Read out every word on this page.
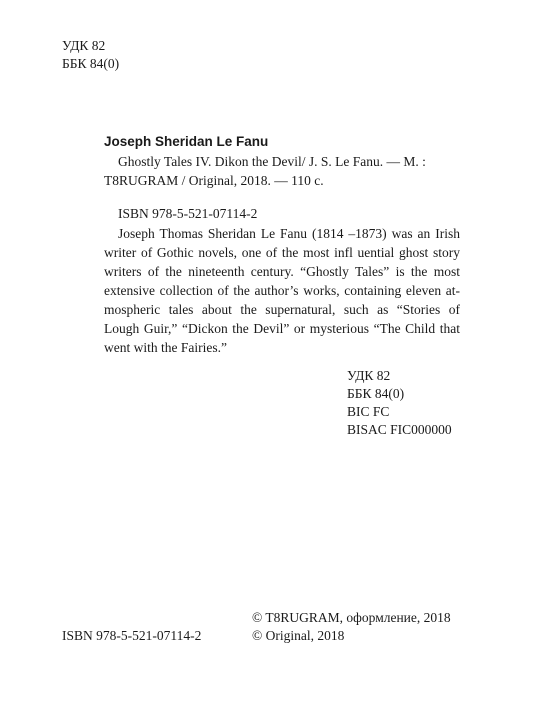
УДК 82
ББК 84(0)
Joseph Sheridan Le Fanu
Ghostly Tales IV. Dikon the Devil/ J. S. Le Fanu. — M. :
T8RUGRAM / Original, 2018. — 110 с.
ISBN 978-5-521-07114-2
Joseph Thomas Sheridan Le Fanu (1814 –1873) was an Irish
writer of Gothic novels, one of the most infl uential ghost story
writers of the nineteenth century. “Ghostly Tales” is the most
extensive collection of the author’s works, containing eleven at-
mospheric tales about the supernatural, such as “Stories of
Lough Guir,” “Dickon the Devil” or mysterious “The Child that
went with the Fairies.”
УДК 82
ББК 84(0)
BIC FC
BISAC FIC000000
© T8RUGRAM, оформление, 2018
© Original, 2018
ISBN 978-5-521-07114-2
